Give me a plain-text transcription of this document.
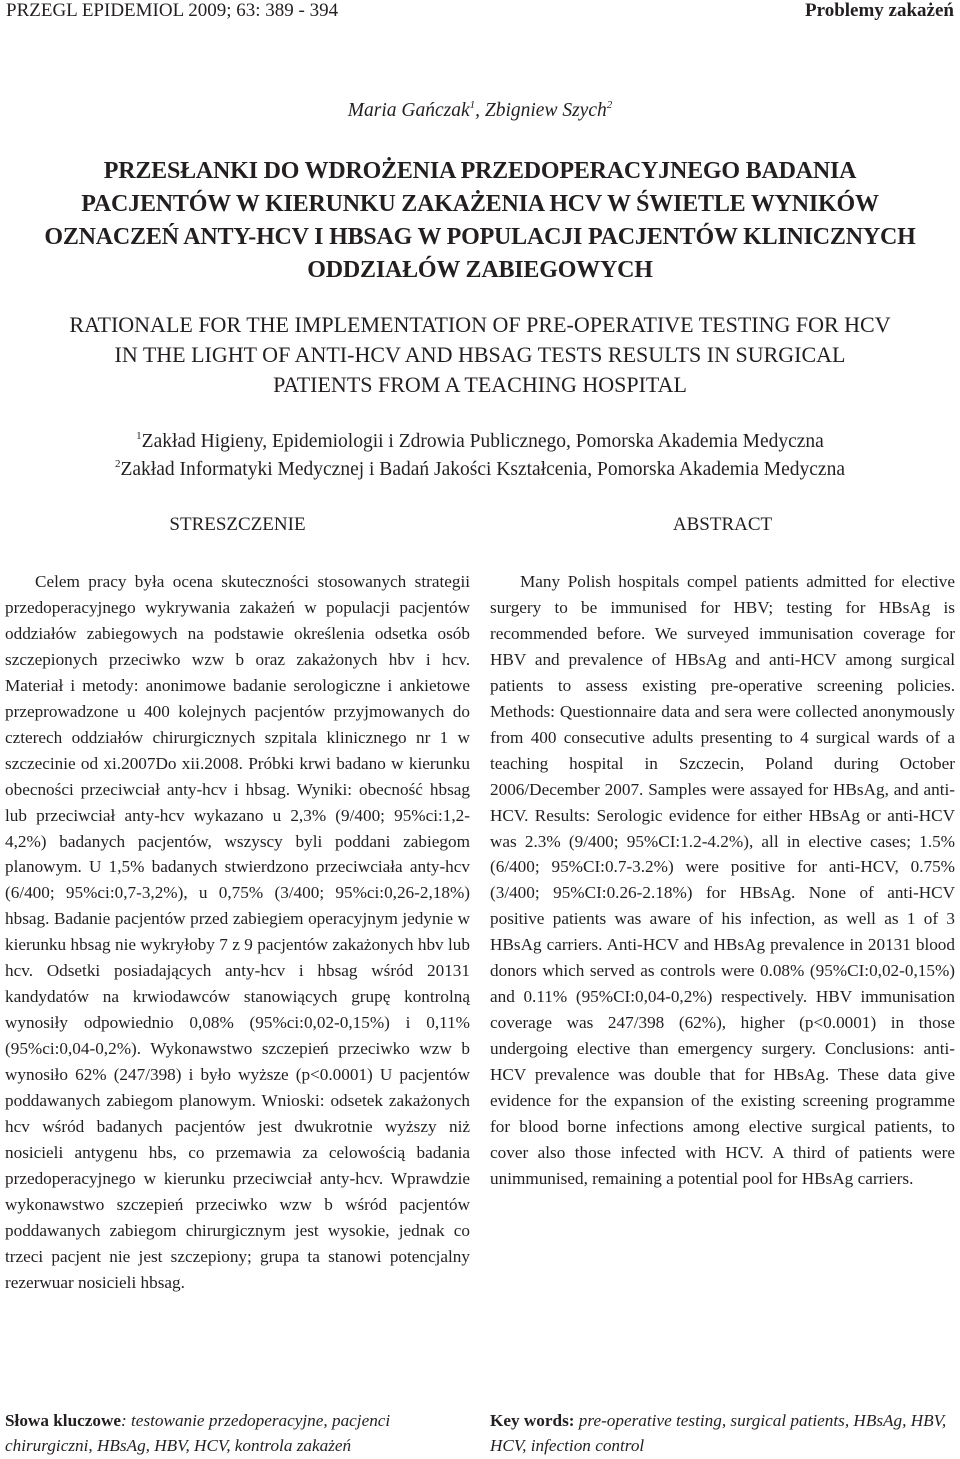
PRZEGL EPIDEMIOL 2009; 63: 389 - 394	Problemy zakażeń
Maria Gańczak$^1$, Zbigniew Szych$^2$
PRZESŁANKI DO WDROŻENIA PRZEDOPERACYJNEGO BADANIA
PACJENTÓW W KIERUNKU ZAKAŻENIA HCV W ŚWIETLE WYNIKÓW
OZNACZEŃ ANTY-HCV I HBSAG W POPULACJI PACJENTÓW KLINICZNYCH
ODDZIAŁÓW ZABIEGOWYCH
RATIONALE FOR THE IMPLEMENTATION OF PRE-OPERATIVE TESTING FOR HCV
IN THE LIGHT OF ANTI-HCV AND HBSAG TESTS RESULTS IN SURGICAL
PATIENTS FROM A TEACHING HOSPITAL
$^1$Zakład Higieny, Epidemiologii i Zdrowia Publicznego, Pomorska Akademia Medyczna
$^2$Zakład Informatyki Medycznej i Badań Jakości Kształcenia, Pomorska Akademia Medyczna
STRESZCZENIE
Celem pracy była ocena skuteczności stosowanych strategii przedoperacyjnego wykrywania zakażeń w populacji pacjentów oddziałów zabiegowych na podstawie określenia odsetka osób szczepionych przeciwko wzw b oraz zakażonych hbv i hcv. Materiał i metody: anonimowe badanie serologiczne i ankietowe przeprowadzone u 400 kolejnych pacjentów przyjmowanych do czterech oddziałów chirurgicznych szpitala klinicznego nr 1 w szczecinie od xi.2007Do xii.2008. Próbki krwi badano w kierunku obecności przeciwciał anty-hcv i hbsag. Wyniki: obecność hbsag lub przeciwciał anty-hcv wykazano u 2,3% (9/400; 95%ci:1,2-4,2%) badanych pacjentów, wszyscy byli poddani zabiegom planowym. U 1,5% badanych stwierdzono przeciwciała anty-hcv (6/400; 95%ci:0,7-3,2%), u 0,75% (3/400; 95%ci:0,26-2,18%) hbsag. Badanie pacjentów przed zabiegiem operacyjnym jedynie w kierunku hbsag nie wykryłoby 7 z 9 pacjentów zakażonych hbv lub hcv. Odsetki posiadających anty-hcv i hbsag wśród 20131 kandydatów na krwiodawców stanowiących grupę kontrolną wynosiły odpowiednio 0,08% (95%ci:0,02-0,15%) i 0,11% (95%ci:0,04-0,2%). Wykonawstwo szczepień przeciwko wzw b wynosiło 62% (247/398) i było wyższe (p<0.0001) U pacjentów poddawanych zabiegom planowym. Wnioski: odsetek zakażonych hcv wśród badanych pacjentów jest dwukrotnie wyższy niż nosicieli antygenu hbs, co przemawia za celowością badania przedoperacyjnego w kierunku przeciwciał anty-hcv. Wprawdzie wykonawstwo szczepień przeciwko wzw b wśród pacjentów poddawanych zabiegom chirurgicznym jest wysokie, jednak co trzeci pacjent nie jest szczepiony; grupa ta stanowi potencjalny rezerwuar nosicieli hbsag.
ABSTRACT
Many Polish hospitals compel patients admitted for elective surgery to be immunised for HBV; testing for HBsAg is recommended before. We surveyed immunisation coverage for HBV and prevalence of HBsAg and anti-HCV among surgical patients to assess existing pre-operative screening policies. Methods: Questionnaire data and sera were collected anonymously from 400 consecutive adults presenting to 4 surgical wards of a teaching hospital in Szczecin, Poland during October 2006/December 2007. Samples were assayed for HBsAg, and anti-HCV. Results: Serologic evidence for either HBsAg or anti-HCV was 2.3% (9/400; 95%CI:1.2-4.2%), all in elective cases; 1.5% (6/400; 95%CI:0.7-3.2%) were positive for anti-HCV, 0.75% (3/400; 95%CI:0.26-2.18%) for HBsAg. None of anti-HCV positive patients was aware of his infection, as well as 1 of 3 HBsAg carriers. Anti-HCV and HBsAg prevalence in 20131 blood donors which served as controls were 0.08% (95%CI:0,02-0,15%) and 0.11% (95%CI:0,04-0,2%) respectively. HBV immunisation coverage was 247/398 (62%), higher (p<0.0001) in those undergoing elective than emergency surgery. Conclusions: anti-HCV prevalence was double that for HBsAg. These data give evidence for the expansion of the existing screening programme for blood borne infections among elective surgical patients, to cover also those infected with HCV. A third of patients were unimmunised, remaining a potential pool for HBsAg carriers.
Słowa kluczowe: testowanie przedoperacyjne, pacjenci chirurgiczni, HBsAg, HBV, HCV, kontrola zakażeń
Key words: pre-operative testing, surgical patients, HBsAg, HBV, HCV, infection control
